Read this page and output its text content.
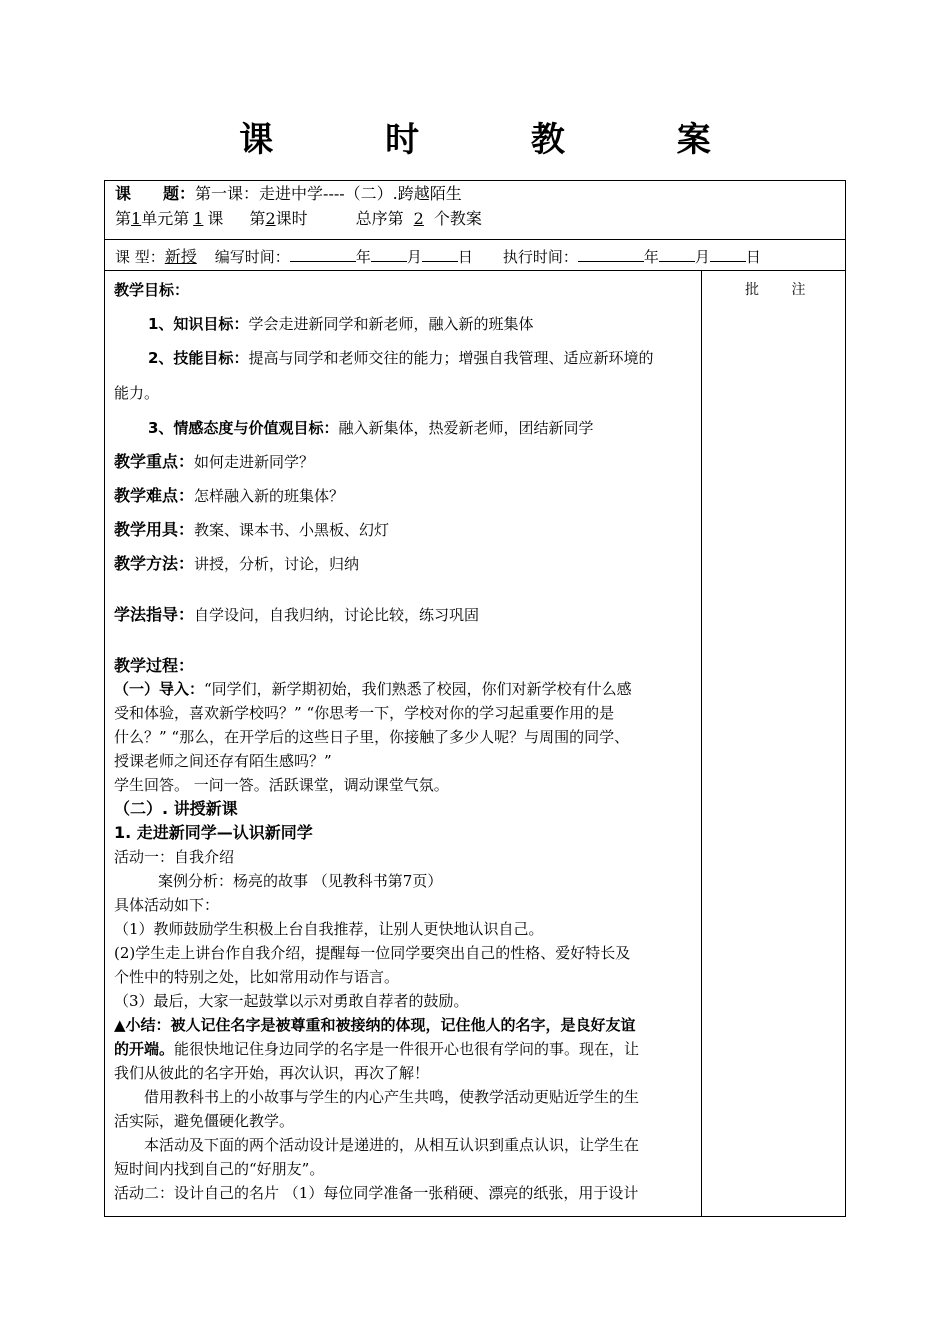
课 时 教 案
课 题：第一课：走进中学----（二）.跨越陌生
第1单元第 1 课 第2课时	总序第 2 个教案
课 型：新授 编写时间：	年 月 日 执行时间：	年 月 日
批 注
教学目标：
1、知识目标：学会走进新同学和新老师，融入新的班集体
2、技能目标：提高与同学和老师交往的能力；增强自我管理、适应新环境的
能力。
3、情感态度与价值观目标：融入新集体，热爱新老师，团结新同学
教学重点：如何走进新同学？
教学难点：怎样融入新的班集体？
教学用具：教案、课本书、小黑板、幻灯
教学方法：讲授，分析，讨论，归纳
学法指导：自学设问，自我归纳，讨论比较，练习巩固
教学过程：
（一）导入：“同学们，新学期初始，我们熟悉了校园，你们对新学校有什么感
受和体验，喜欢新学校吗？” “你思考一下，学校对你的学习起重要作用的是
什么？” “那么，在开学后的这些日子里，你接触了多少人呢？与周围的同学、
授课老师之间还存有陌生感吗？”
学生回答。 一问一答。活跃课堂，调动课堂气氛。
（二）. 讲授新课
1. 走进新同学—认识新同学
活动一：自我介绍
案例分析：杨亮的故事 （见教科书第7页）
具体活动如下：
（1）教师鼓励学生积极上台自我推荐，让别人更快地认识自己。
(2)学生走上讲台作自我介绍，提醒每一位同学要突出自己的性格、爱好特长及
个性中的特别之处，比如常用动作与语言。
（3）最后，大家一起鼓掌以示对勇敢自荐者的鼓励。
▲小结：被人记住名字是被尊重和被接纳的体现，记住他人的名字，是良好友谊
的开端。能很快地记住身边同学的名字是一件很开心也很有学问的事。现在，让
我们从彼此的名字开始，再次认识，再次了解！
借用教科书上的小故事与学生的内心产生共鸣，使教学活动更贴近学生的生
活实际，避免僵硬化教学。
本活动及下面的两个活动设计是递进的，从相互认识到重点认识，让学生在
短时间内找到自己的“好朋友”。
活动二：设计自己的名片 （1）每位同学准备一张稍硬、漂亮的纸张，用于设计
